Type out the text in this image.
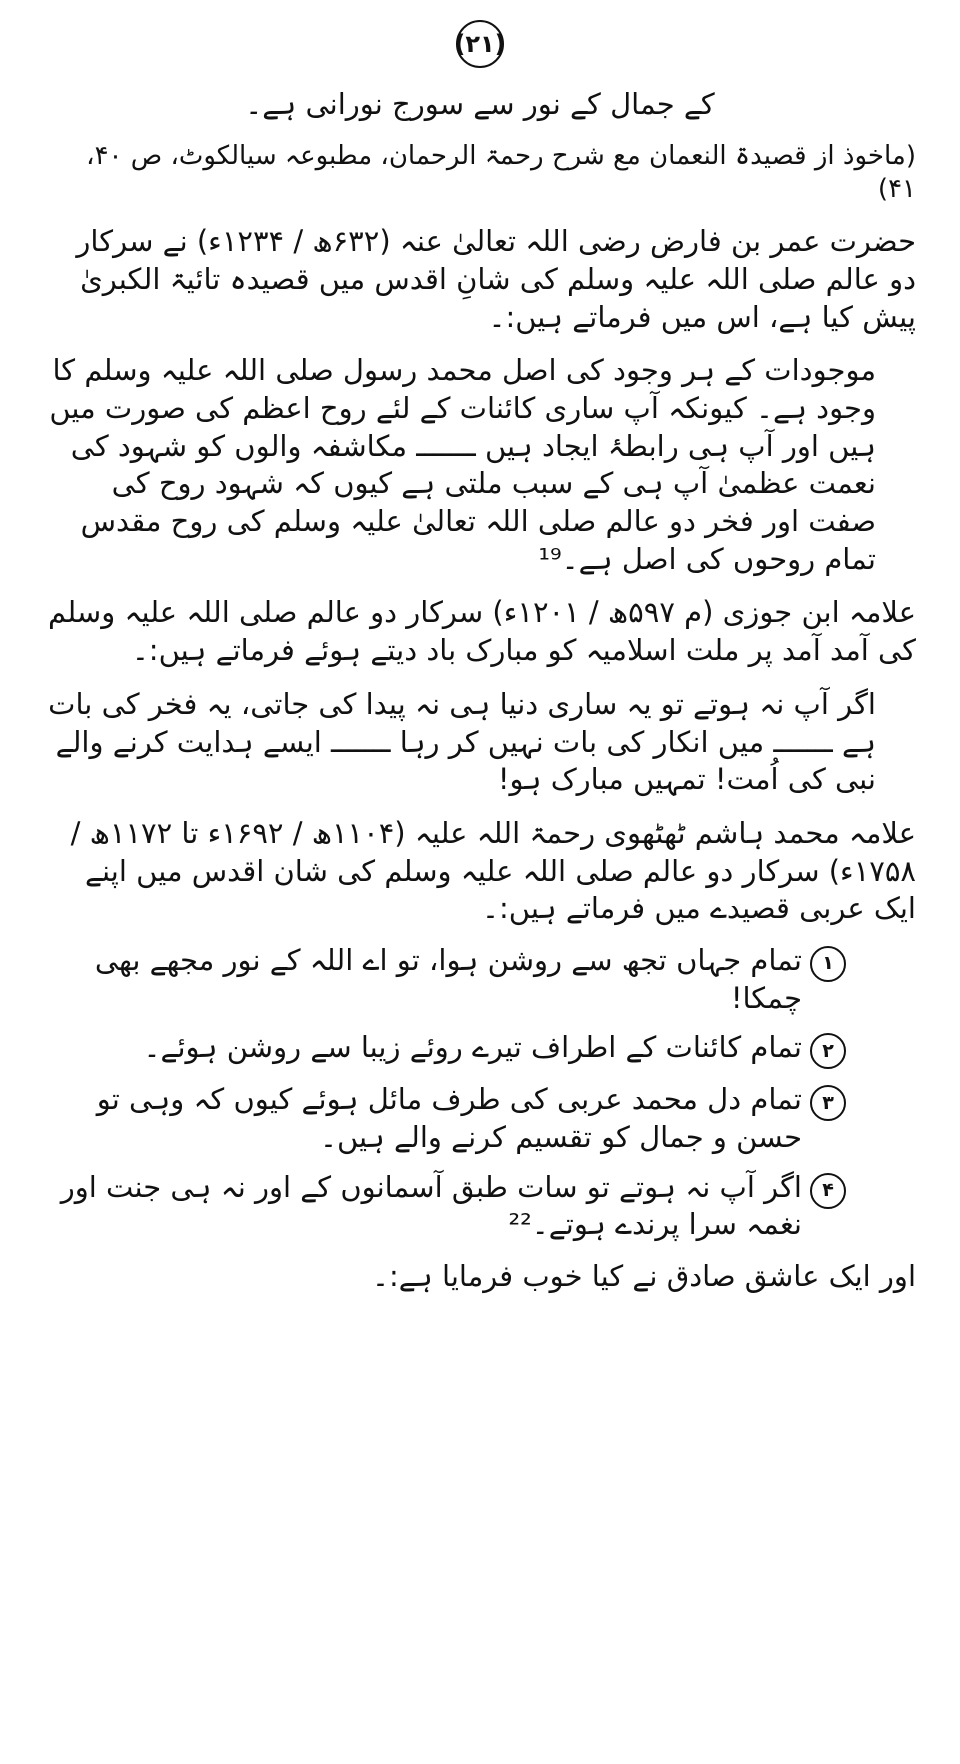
(۲۱)

کے جمال کے نور سے سورج نورانی ہے۔

(ماخوذ از قصیدۃ النعمان مع شرح رحمۃ الرحمان، مطبوعہ سیالکوٹ، ص ۴۰، ۴۱)

حضرت عمر بن فارض رضی اللہ تعالیٰ عنہ (۶۳۲ھ / ۱۲۳۴ء) نے سرکار دو عالم صلی اللہ علیہ وسلم کی شانِ اقدس میں قصیدہ تائیۃ الکبریٰ پیش کیا ہے، اس میں فرماتے ہیں:۔

موجودات کے ہر وجود کی اصل محمد رسول صلی اللہ علیہ وسلم کا وجود ہے۔ کیونکہ آپ ساری کائنات کے لئے روح اعظم کی صورت میں ہیں اور آپ ہی رابطۂ ایجاد ہیں ـــــــ مکاشفہ والوں کو شہود کی نعمت عظمیٰ آپ ہی کے سبب ملتی ہے کیوں کہ شہود روح کی صفت اور فخر دو عالم صلی اللہ تعالیٰ علیہ وسلم کی روح مقدس تمام روحوں کی اصل ہے۔¹⁹

علامہ ابن جوزی (م ۵۹۷ھ / ۱۲۰۱ء) سرکار دو عالم صلی اللہ علیہ وسلم کی آمد آمد پر ملت اسلامیہ کو مبارک باد دیتے ہوئے فرماتے ہیں:۔

اگر آپ نہ ہوتے تو یہ ساری دنیا ہی نہ پیدا کی جاتی، یہ فخر کی بات ہے ـــــــ میں انکار کی بات نہیں کر رہا ـــــــ ایسے ہدایت کرنے والے نبی کی اُمت! تمہیں مبارک ہو!

علامہ محمد ہاشم ٹھٹھوی رحمۃ اللہ علیہ (۱۱۰۴ھ / ۱۶۹۲ء تا ۱۱۷۲ھ / ۱۷۵۸ء) سرکار دو عالم صلی اللہ علیہ وسلم کی شان اقدس میں اپنے ایک عربی قصیدے میں فرماتے ہیں:۔

۱
تمام جہاں تجھ سے روشن ہوا، تو اے اللہ کے نور مجھے بھی چمکا!
۲
تمام کائنات کے اطراف تیرے روئے زیبا سے روشن ہوئے۔
۳
تمام دل محمد عربی کی طرف مائل ہوئے کیوں کہ وہی تو حسن و جمال کو تقسیم کرنے والے ہیں۔
۴
اگر آپ نہ ہوتے تو سات طبق آسمانوں کے اور نہ ہی جنت اور نغمہ سرا پرندے ہوتے۔²²

اور ایک عاشق صادق نے کیا خوب فرمایا ہے:۔
